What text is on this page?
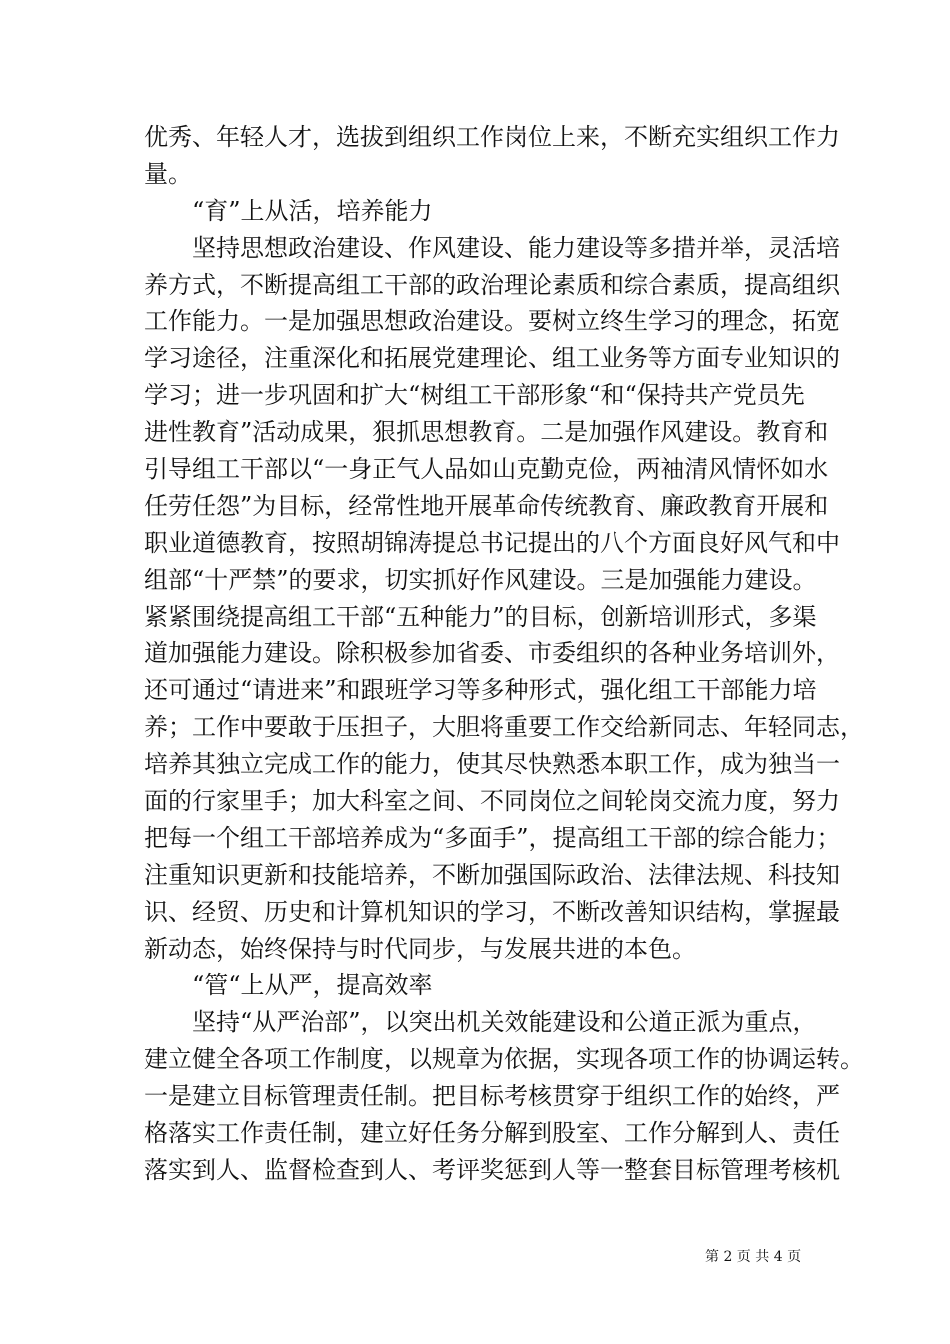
优秀、年轻人才，选拔到组织工作岗位上来，不断充实组织工作力
量。
“育”上从活，培养能力
坚持思想政治建设、作风建设、能力建设等多措并举，灵活培
养方式，不断提高组工干部的政治理论素质和综合素质，提高组织
工作能力。一是加强思想政治建设。要树立终生学习的理念，拓宽
学习途径，注重深化和拓展党建理论、组工业务等方面专业知识的
学习；进一步巩固和扩大“树组工干部形象“和“保持共产党员先
进性教育”活动成果，狠抓思想教育。二是加强作风建设。教育和
引导组工干部以“一身正气人品如山克勤克俭，两袖清风情怀如水
任劳任怨”为目标，经常性地开展革命传统教育、廉政教育开展和
职业道德教育，按照胡锦涛提总书记提出的八个方面良好风气和中
组部“十严禁”的要求，切实抓好作风建设。三是加强能力建设。
紧紧围绕提高组工干部“五种能力”的目标，创新培训形式，多渠
道加强能力建设。除积极参加省委、市委组织的各种业务培训外，
还可通过“请进来”和跟班学习等多种形式，强化组工干部能力培
养；工作中要敢于压担子，大胆将重要工作交给新同志、年轻同志，
培养其独立完成工作的能力，使其尽快熟悉本职工作，成为独当一
面的行家里手；加大科室之间、不同岗位之间轮岗交流力度，努力
把每一个组工干部培养成为“多面手”，提高组工干部的综合能力；
注重知识更新和技能培养，不断加强国际政治、法律法规、科技知
识、经贸、历史和计算机知识的学习，不断改善知识结构，掌握最
新动态，始终保持与时代同步，与发展共进的本色。
“管“上从严，提高效率
坚持“从严治部”，以突出机关效能建设和公道正派为重点，
建立健全各项工作制度，以规章为依据，实现各项工作的协调运转。
一是建立目标管理责任制。把目标考核贯穿于组织工作的始终，严
格落实工作责任制，建立好任务分解到股室、工作分解到人、责任
落实到人、监督检查到人、考评奖惩到人等一整套目标管理考核机
第 2 页 共 4 页
